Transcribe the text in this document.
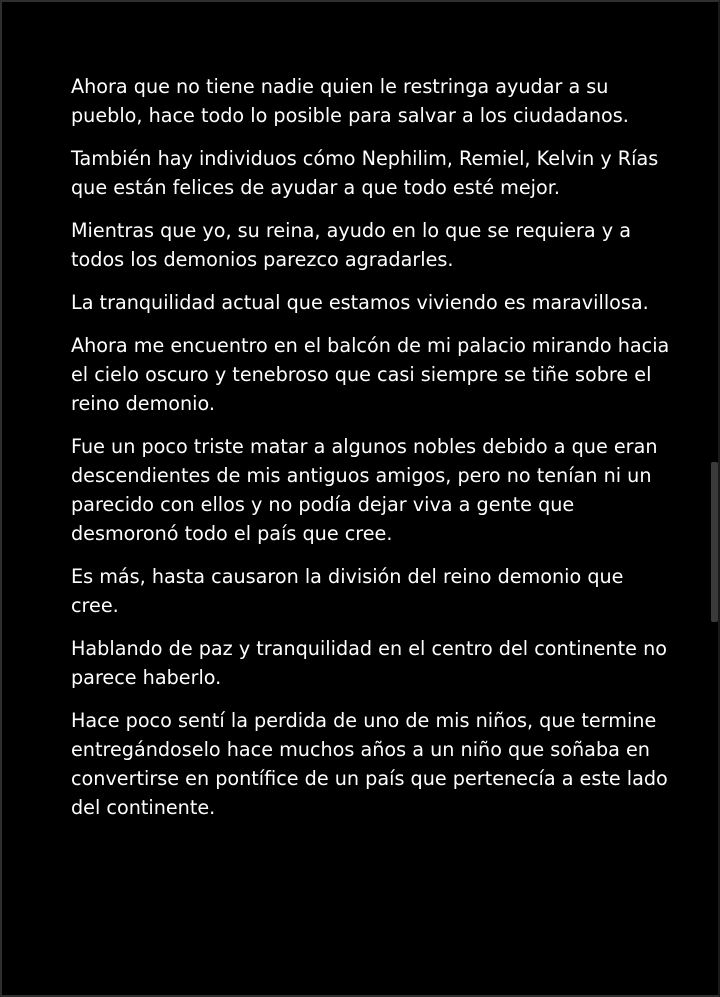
Ahora que no tiene nadie quien le restringa ayudar a su pueblo, hace todo lo posible para salvar a los ciudadanos.

También hay individuos cómo Nephilim, Remiel, Kelvin y Rías que están felices de ayudar a que todo esté mejor.

Mientras que yo, su reina, ayudo en lo que se requiera y a todos los demonios parezco agradarles.

La tranquilidad actual que estamos viviendo es maravillosa.

Ahora me encuentro en el balcón de mi palacio mirando hacia el cielo oscuro y tenebroso que casi siempre se tiñe sobre el reino demonio.

Fue un poco triste matar a algunos nobles debido a que eran descendientes de mis antiguos amigos, pero no tenían ni un parecido con ellos y no podía dejar viva a gente que desmoronó todo el país que cree.

Es más, hasta causaron la división del reino demonio que cree.

Hablando de paz y tranquilidad en el centro del continente no parece haberlo.

Hace poco sentí la perdida de uno de mis niños, que termine entregándoselo hace muchos años a un niño que soñaba en convertirse en pontífice de un país que pertenecía a este lado del continente.
